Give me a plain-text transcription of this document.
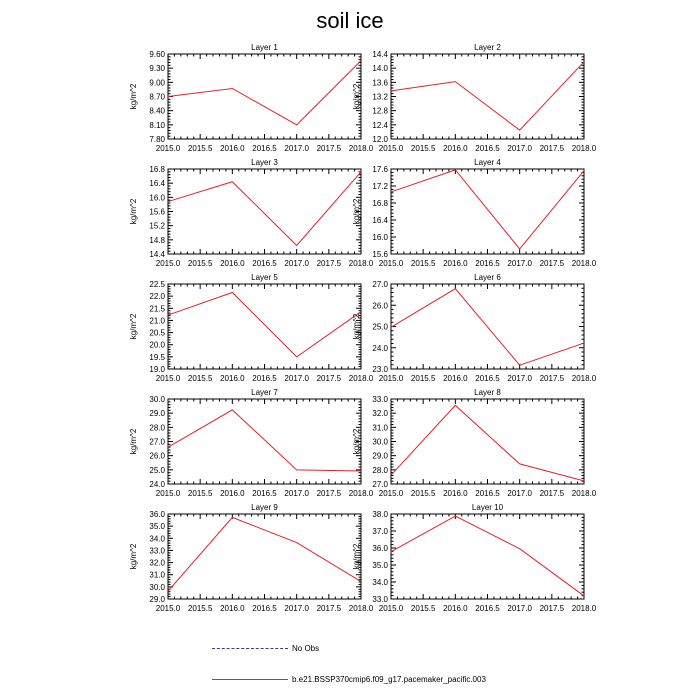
soil ice
Layer 1
kg/m^2
2015.0 2015.5 2016.0 2016.5 2017.0 2017.5 2018.0
7.80
8.10
8.40
8.70
9.00
9.30
9.60
Layer 2
kg/m^2
2015.0 2015.5 2016.0 2016.5 2017.0 2017.5 2018.0
12.0
12.4
12.8
13.2
13.6
14.0
14.4
Layer 3
kg/m^2
2015.0 2015.5 2016.0 2016.5 2017.0 2017.5 2018.0
14.4
14.8
15.2
15.6
16.0
16.4
16.8
Layer 4
kg/m^2
2015.0 2015.5 2016.0 2016.5 2017.0 2017.5 2018.0
15.6
16.0
16.4
16.8
17.2
17.6
Layer 5
kg/m^2
2015.0 2015.5 2016.0 2016.5 2017.0 2017.5 2018.0
19.0
19.5
20.0
20.5
21.0
21.5
22.0
22.5
Layer 6
kg/m^2
2015.0 2015.5 2016.0 2016.5 2017.0 2017.5 2018.0
23.0
24.0
25.0
26.0
27.0
Layer 7
kg/m^2
2015.0 2015.5 2016.0 2016.5 2017.0 2017.5 2018.0
24.0
25.0
26.0
27.0
28.0
29.0
30.0
Layer 8
kg/m^2
2015.0 2015.5 2016.0 2016.5 2017.0 2017.5 2018.0
27.0
28.0
29.0
30.0
31.0
32.0
33.0
Layer 9
kg/m^2
2015.0 2015.5 2016.0 2016.5 2017.0 2017.5 2018.0
29.0
30.0
31.0
32.0
33.0
34.0
35.0
36.0
Layer 10
kg/m^2
2015.0 2015.5 2016.0 2016.5 2017.0 2017.5 2018.0
33.0
34.0
35.0
36.0
37.0
38.0
No Obs
b.e21.BSSP370cmip6.f09_g17.pacemaker_pacific.003
